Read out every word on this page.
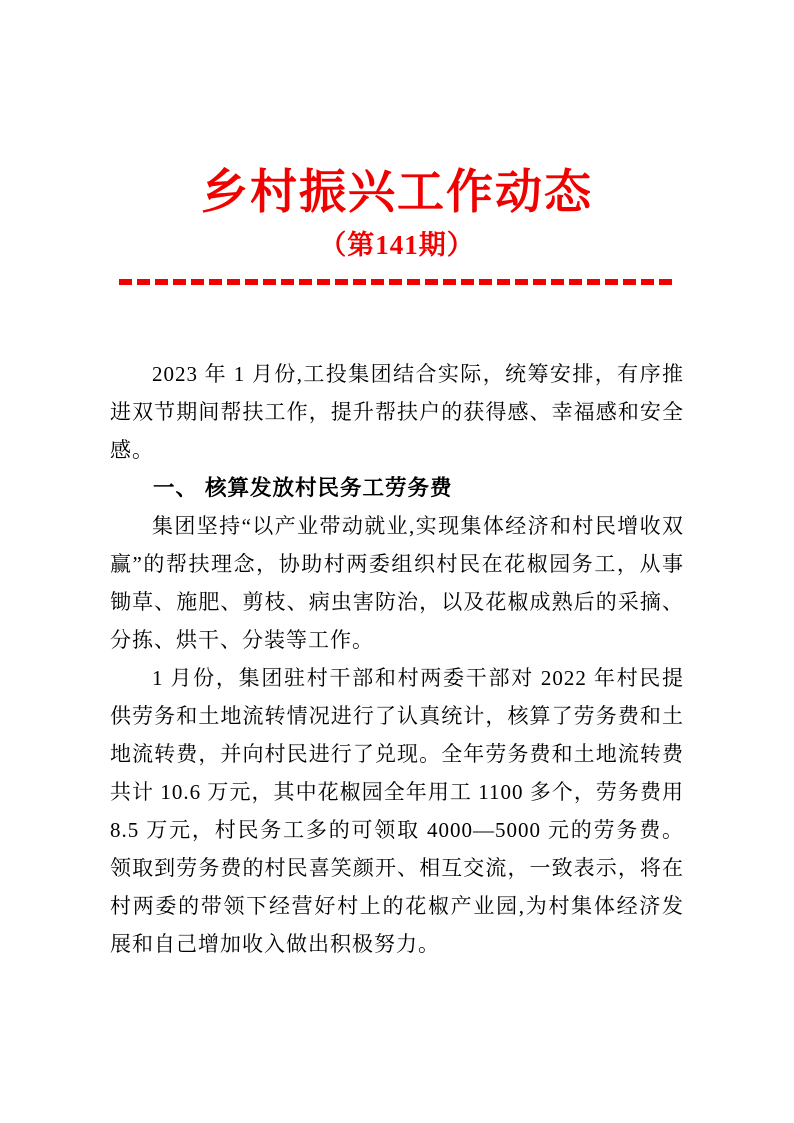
乡村振兴工作动态
（第141期）

2023 年 1 月份,工投集团结合实际，统筹安排，有序推进双节期间帮扶工作，提升帮扶户的获得感、幸福感和安全感。

一、 核算发放村民务工劳务费

集团坚持“以产业带动就业,实现集体经济和村民增收双赢”的帮扶理念，协助村两委组织村民在花椒园务工，从事锄草、施肥、剪枝、病虫害防治，以及花椒成熟后的采摘、分拣、烘干、分装等工作。

1 月份，集团驻村干部和村两委干部对 2022 年村民提供劳务和土地流转情况进行了认真统计，核算了劳务费和土地流转费，并向村民进行了兑现。全年劳务费和土地流转费共计 10.6 万元，其中花椒园全年用工 1100 多个，劳务费用 8.5 万元，村民务工多的可领取 4000—5000 元的劳务费。领取到劳务费的村民喜笑颜开、相互交流，一致表示，将在村两委的带领下经营好村上的花椒产业园,为村集体经济发展和自己增加收入做出积极努力。
